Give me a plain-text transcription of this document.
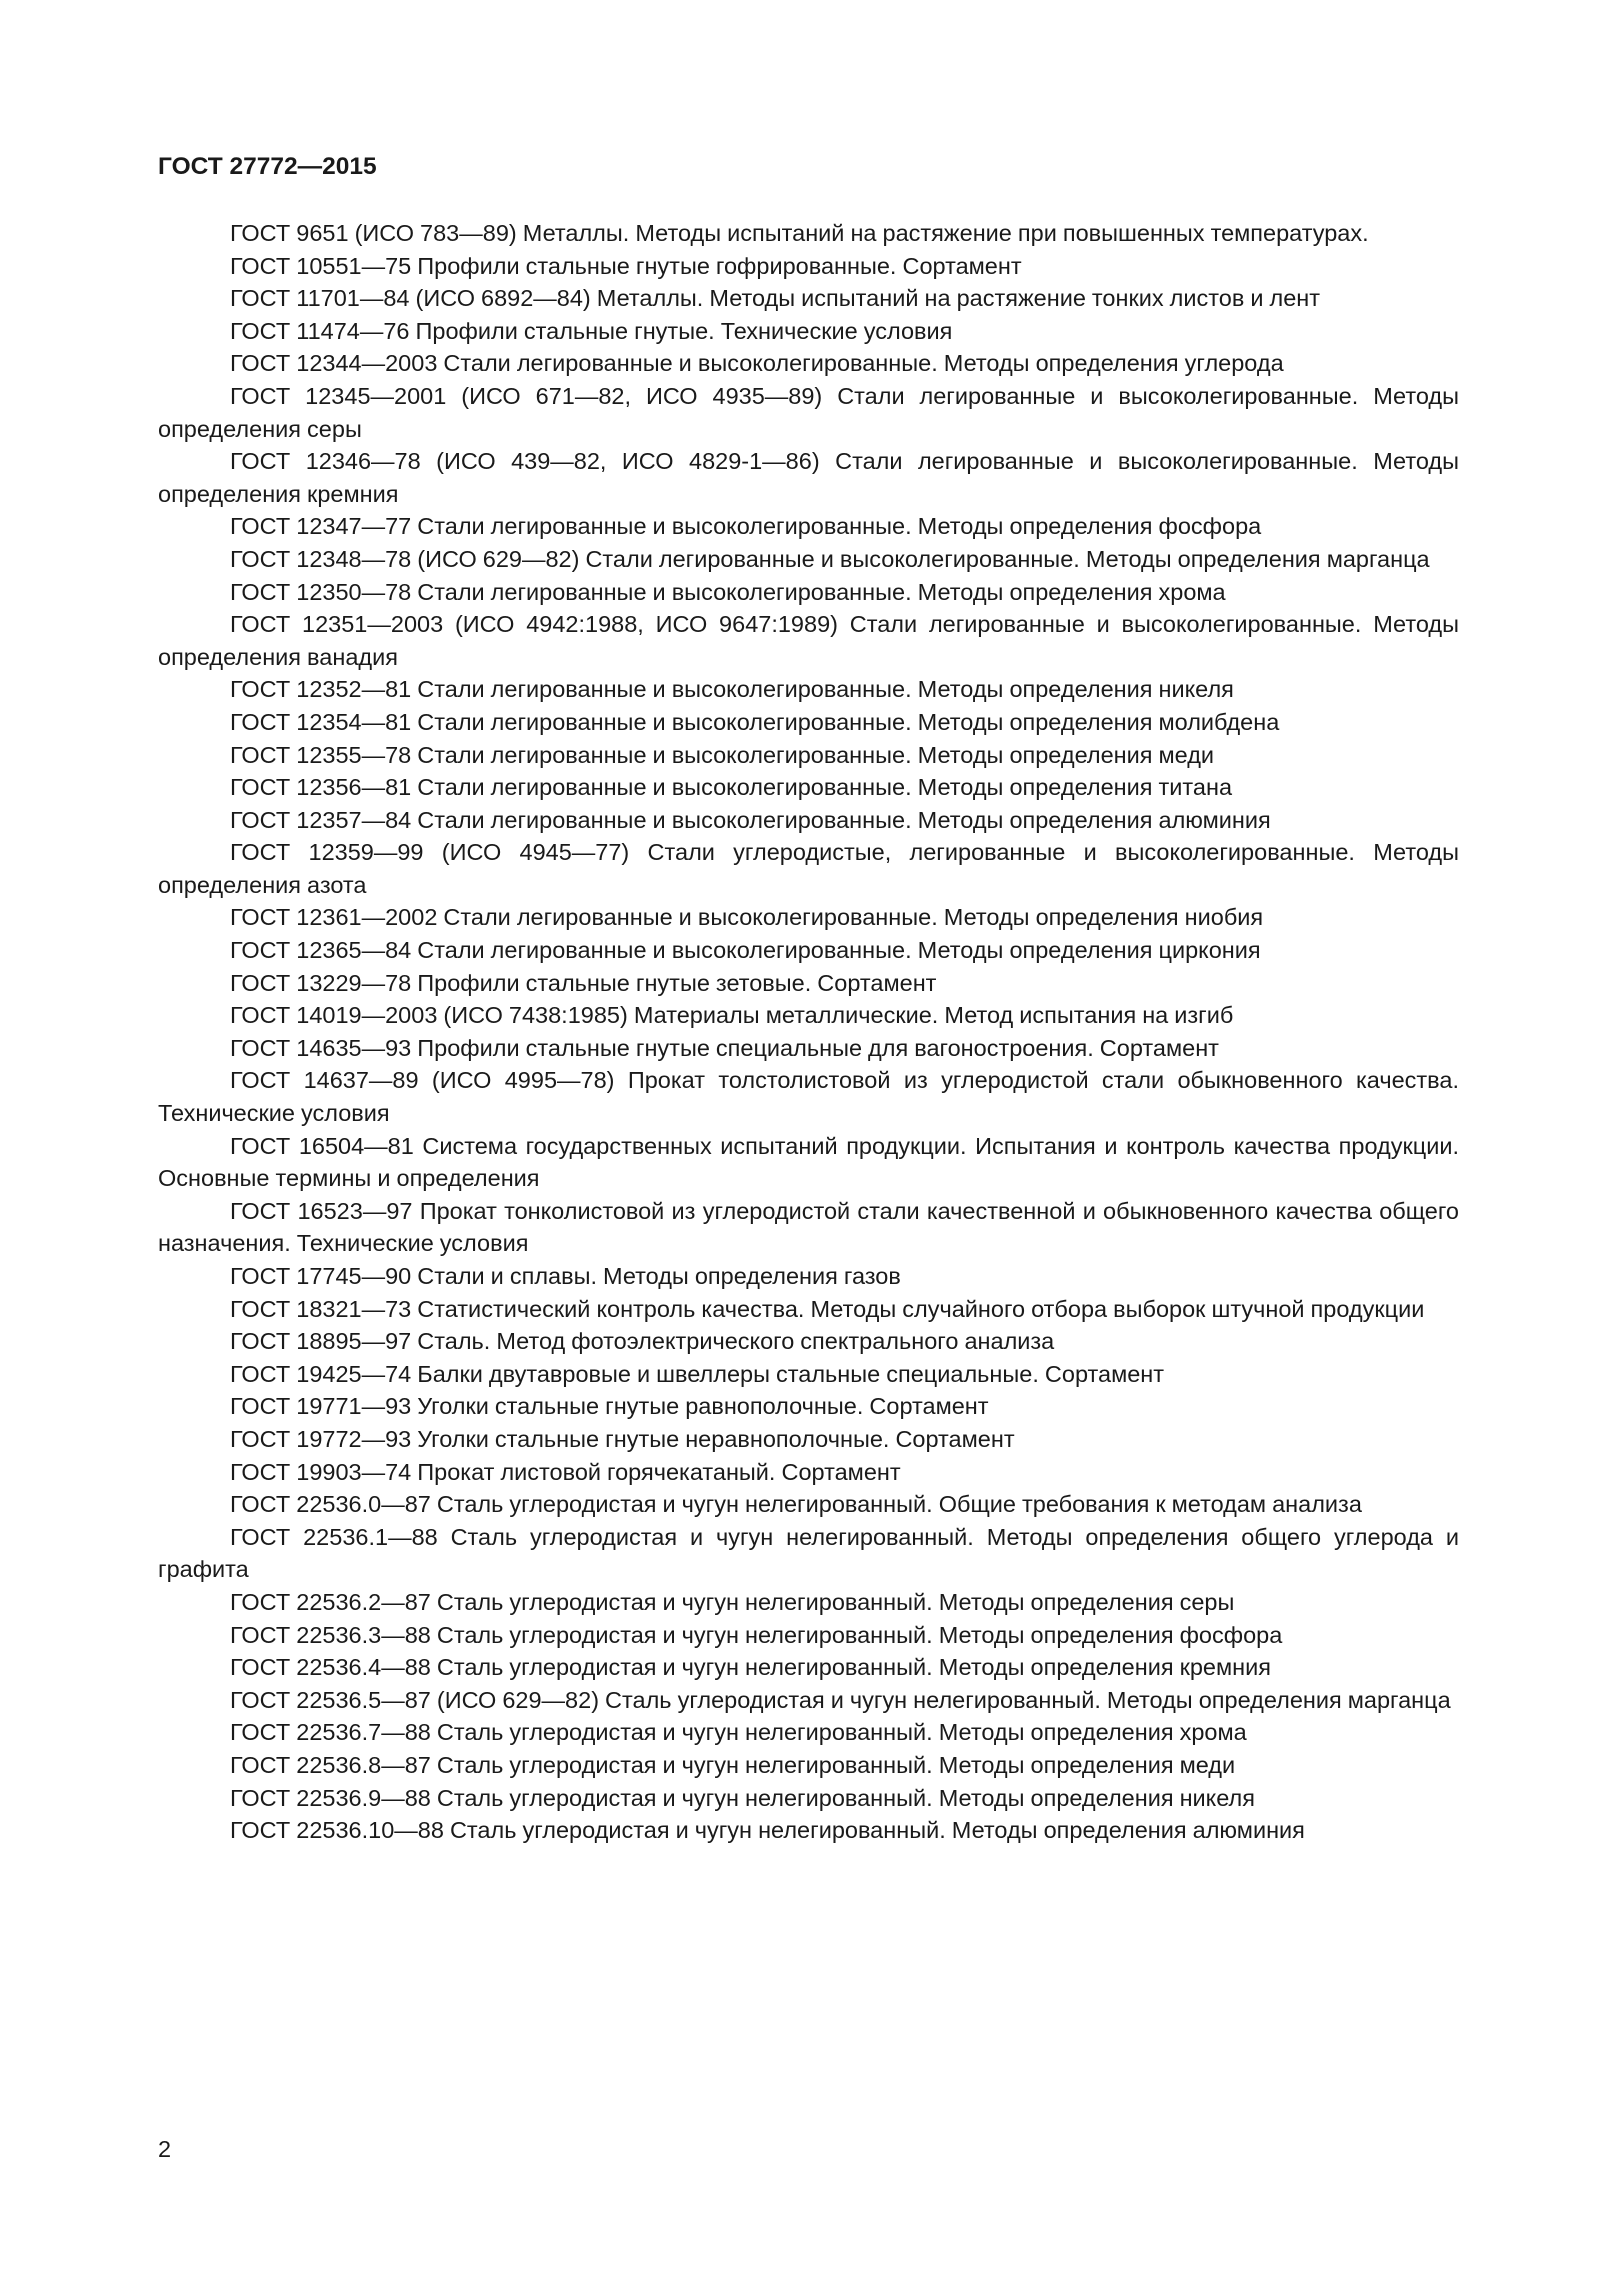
ГОСТ 27772—2015
ГОСТ 9651 (ИСО 783—89) Металлы. Методы испытаний на растяжение при повышенных температурах.
ГОСТ 10551—75 Профили стальные гнутые гофрированные. Сортамент
ГОСТ 11701—84 (ИСО 6892—84) Металлы. Методы испытаний на растяжение тонких листов и лент
ГОСТ 11474—76 Профили стальные гнутые. Технические условия
ГОСТ 12344—2003 Стали легированные и высоколегированные. Методы определения углерода
ГОСТ 12345—2001 (ИСО 671—82, ИСО 4935—89) Стали легированные и высоколегированные. Методы определения серы
ГОСТ 12346—78 (ИСО 439—82, ИСО 4829-1—86) Стали легированные и высоколегированные. Методы определения кремния
ГОСТ 12347—77 Стали легированные и высоколегированные. Методы определения фосфора
ГОСТ 12348—78 (ИСО 629—82) Стали легированные и высоколегированные. Методы определения марганца
ГОСТ 12350—78 Стали легированные и высоколегированные. Методы определения хрома
ГОСТ 12351—2003 (ИСО 4942:1988, ИСО 9647:1989) Стали легированные и высоколегированные. Методы определения ванадия
ГОСТ 12352—81 Стали легированные и высоколегированные. Методы определения никеля
ГОСТ 12354—81 Стали легированные и высоколегированные. Методы определения молибдена
ГОСТ 12355—78 Стали легированные и высоколегированные. Методы определения меди
ГОСТ 12356—81 Стали легированные и высоколегированные. Методы определения титана
ГОСТ 12357—84 Стали легированные и высоколегированные. Методы определения алюминия
ГОСТ 12359—99 (ИСО 4945—77) Стали углеродистые, легированные и высоколегированные. Методы определения азота
ГОСТ 12361—2002 Стали легированные и высоколегированные. Методы определения ниобия
ГОСТ 12365—84 Стали легированные и высоколегированные. Методы определения циркония
ГОСТ 13229—78 Профили стальные гнутые зетовые. Сортамент
ГОСТ 14019—2003 (ИСО 7438:1985) Материалы металлические. Метод испытания на изгиб
ГОСТ 14635—93 Профили стальные гнутые специальные для вагоностроения. Сортамент
ГОСТ 14637—89 (ИСО 4995—78) Прокат толстолистовой из углеродистой стали обыкновенного качества. Технические условия
ГОСТ 16504—81 Система государственных испытаний продукции. Испытания и контроль качества продукции. Основные термины и определения
ГОСТ 16523—97 Прокат тонколистовой из углеродистой стали качественной и обыкновенного качества общего назначения. Технические условия
ГОСТ 17745—90 Стали и сплавы. Методы определения газов
ГОСТ 18321—73 Статистический контроль качества. Методы случайного отбора выборок штучной продукции
ГОСТ 18895—97 Сталь. Метод фотоэлектрического спектрального анализа
ГОСТ 19425—74 Балки двутавровые и швеллеры стальные специальные. Сортамент
ГОСТ 19771—93 Уголки стальные гнутые равнополочные. Сортамент
ГОСТ 19772—93 Уголки стальные гнутые неравнополочные. Сортамент
ГОСТ 19903—74 Прокат листовой горячекатаный. Сортамент
ГОСТ 22536.0—87 Сталь углеродистая и чугун нелегированный. Общие требования к методам анализа
ГОСТ 22536.1—88 Сталь углеродистая и чугун нелегированный. Методы определения общего углерода и графита
ГОСТ 22536.2—87 Сталь углеродистая и чугун нелегированный. Методы определения серы
ГОСТ 22536.3—88 Сталь углеродистая и чугун нелегированный. Методы определения фосфора
ГОСТ 22536.4—88 Сталь углеродистая и чугун нелегированный. Методы определения кремния
ГОСТ 22536.5—87 (ИСО 629—82) Сталь углеродистая и чугун нелегированный. Методы определения марганца
ГОСТ 22536.7—88 Сталь углеродистая и чугун нелегированный. Методы определения хрома
ГОСТ 22536.8—87 Сталь углеродистая и чугун нелегированный. Методы определения меди
ГОСТ 22536.9—88 Сталь углеродистая и чугун нелегированный. Методы определения никеля
ГОСТ 22536.10—88 Сталь углеродистая и чугун нелегированный. Методы определения алюминия

2
